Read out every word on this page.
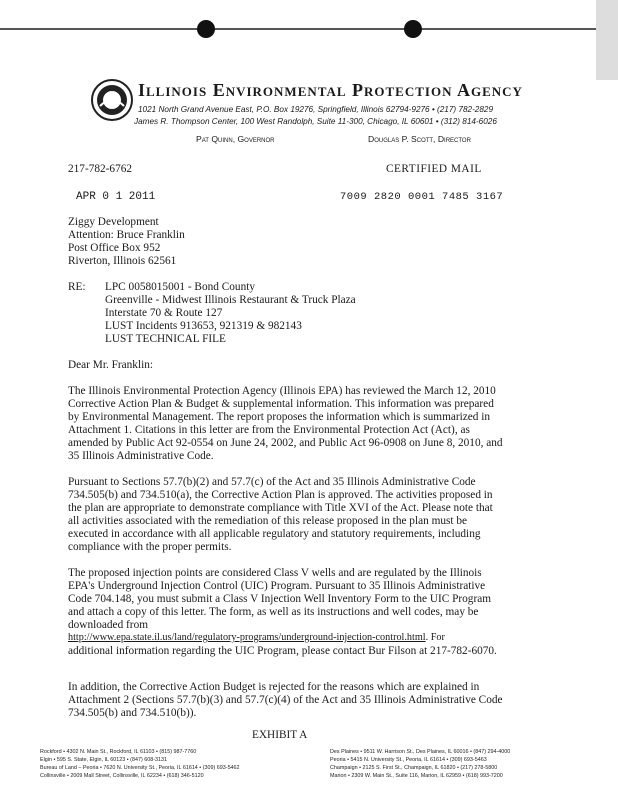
Illinois Environmental Protection Agency
1021 North Grand Avenue East, P.O. Box 19276, Springfield, Illinois 62794-9276 • (217) 782-2829
James R. Thompson Center, 100 West Randolph, Suite 11-300, Chicago, IL 60601 • (312) 814-6026
Pat Quinn, Governor	Douglas P. Scott, Director
217-782-6762	CERTIFIED MAIL
APR 0 1 2011	7009 2820 0001 7485 3167
Ziggy Development
Attention: Bruce Franklin
Post Office Box 952
Riverton, Illinois 62561
RE: LPC 0058015001 - Bond County
Greenville - Midwest Illinois Restaurant & Truck Plaza
Interstate 70 & Route 127
LUST Incidents 913653, 921319 & 982143
LUST TECHNICAL FILE
Dear Mr. Franklin:
The Illinois Environmental Protection Agency (Illinois EPA) has reviewed the March 12, 2010
Corrective Action Plan & Budget & supplemental information. This information was prepared
by Environmental Management. The report proposes the information which is summarized in
Attachment 1. Citations in this letter are from the Environmental Protection Act (Act), as
amended by Public Act 92-0554 on June 24, 2002, and Public Act 96-0908 on June 8, 2010, and
35 Illinois Administrative Code.
Pursuant to Sections 57.7(b)(2) and 57.7(c) of the Act and 35 Illinois Administrative Code
734.505(b) and 734.510(a), the Corrective Action Plan is approved. The activities proposed in
the plan are appropriate to demonstrate compliance with Title XVI of the Act. Please note that
all activities associated with the remediation of this release proposed in the plan must be
executed in accordance with all applicable regulatory and statutory requirements, including
compliance with the proper permits.
The proposed injection points are considered Class V wells and are regulated by the Illinois
EPA's Underground Injection Control (UIC) Program. Pursuant to 35 Illinois Administrative
Code 704.148, you must submit a Class V Injection Well Inventory Form to the UIC Program
and attach a copy of this letter. The form, as well as its instructions and well codes, may be
downloaded from
http://www.epa.state.il.us/land/regulatory-programs/underground-injection-control.html. For
additional information regarding the UIC Program, please contact Bur Filson at 217-782-6070.
In addition, the Corrective Action Budget is rejected for the reasons which are explained in
Attachment 2 (Sections 57.7(b)(3) and 57.7(c)(4) of the Act and 35 Illinois Administrative Code
734.505(b) and 734.510(b)).
EXHIBIT A
Rockford • 4302 N. Main St., Rockford, IL 61103 • (815) 987-7760
Elgin • 595 S. State, Elgin, IL 60123 • (847) 608-3131
Bureau of Land – Peoria • 7620 N. University St., Peoria, IL 61614 • (309) 693-5462
Collinsville • 2009 Mall Street, Collinsville, IL 62234 • (618) 346-5120
Des Plaines • 9511 W. Harrison St., Des Plaines, IL 60016 • (847) 294-4000
Peoria • 5415 N. University St., Peoria, IL 61614 • (309) 693-5463
Champaign • 2125 S. First St., Champaign, IL 61820 • (217) 278-5800
Marion • 2309 W. Main St., Suite 116, Marion, IL 62959 • (618) 993-7200
